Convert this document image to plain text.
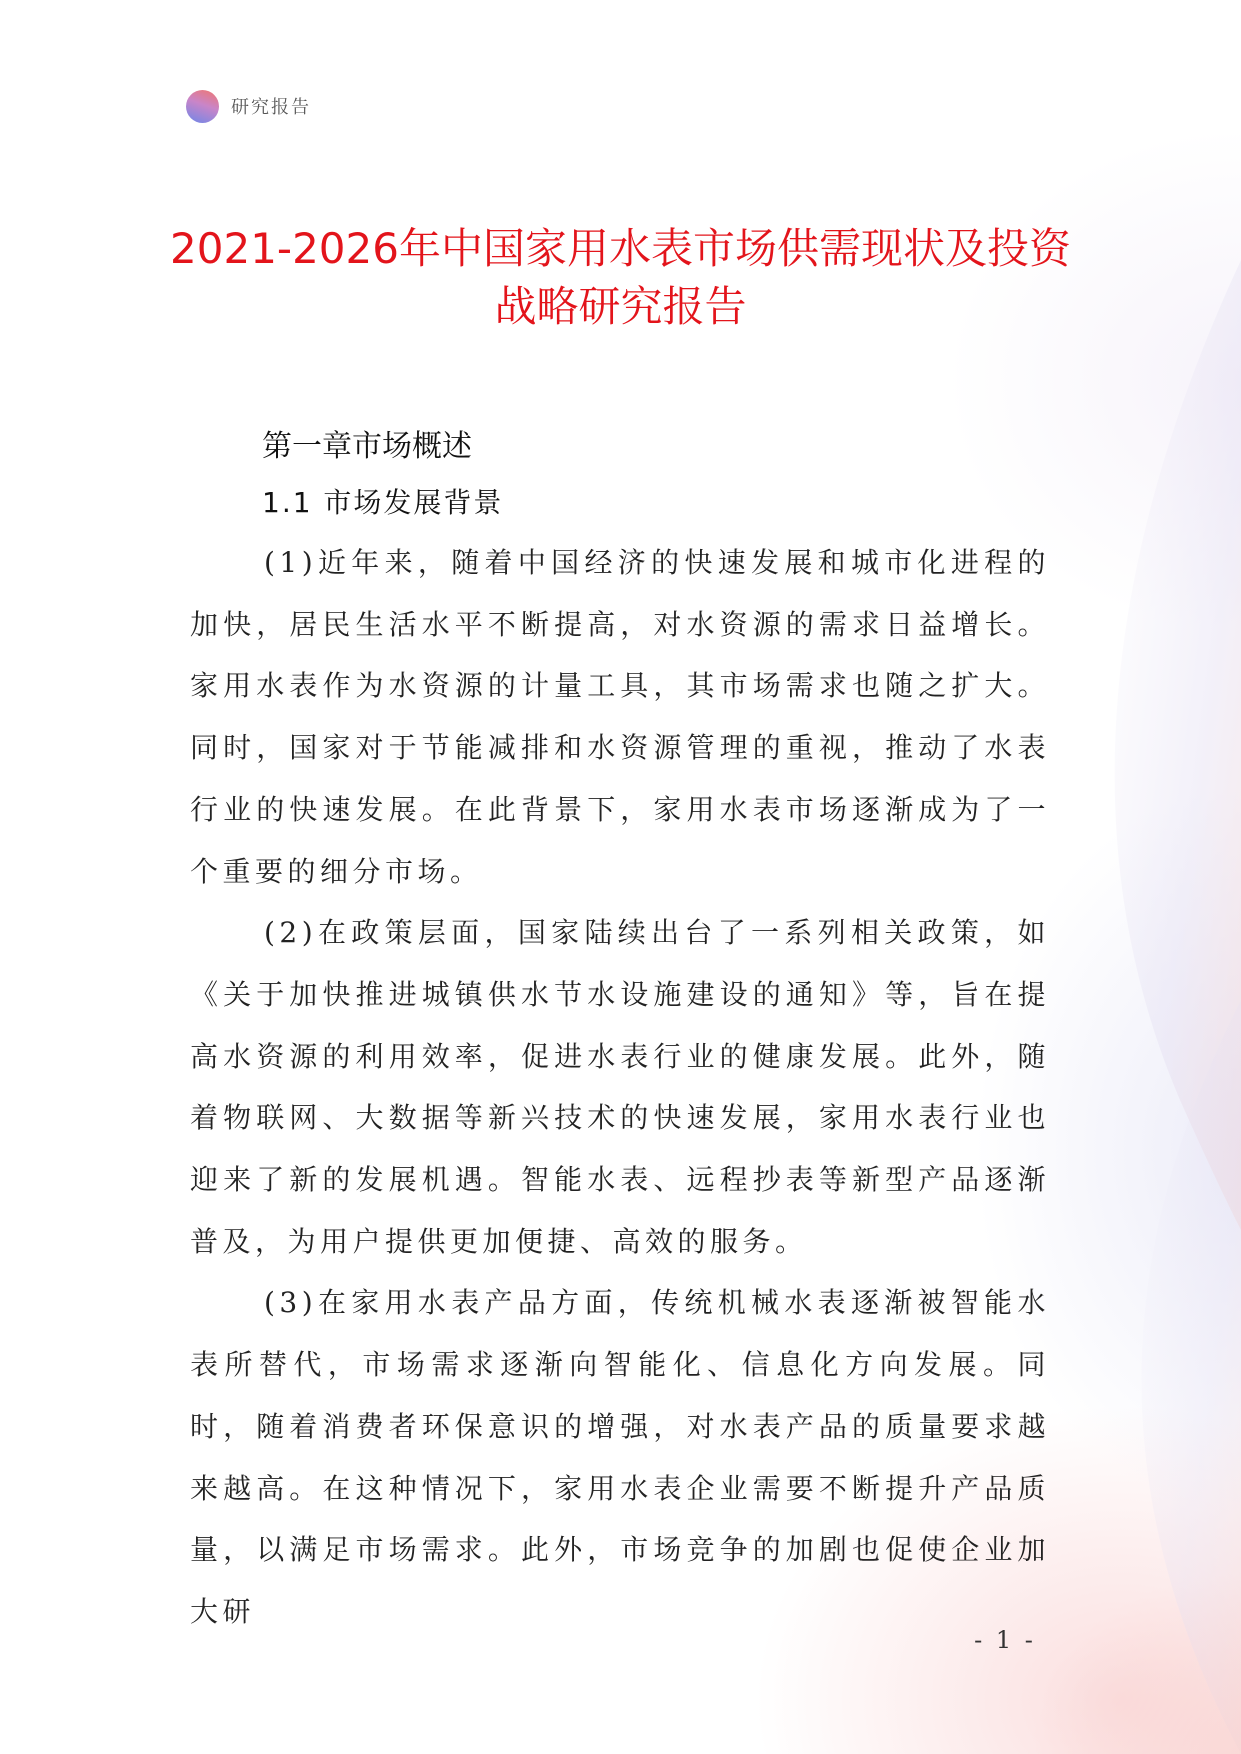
研究报告
2021-2026年中国家用水表市场供需现状及投资战略研究报告
第一章市场概述
1.1 市场发展背景

(1)近年来，随着中国经济的快速发展和城市化进程的加快，居民生活水平不断提高，对水资源的需求日益增长。家用水表作为水资源的计量工具，其市场需求也随之扩大。同时，国家对于节能减排和水资源管理的重视，推动了水表行业的快速发展。在此背景下，家用水表市场逐渐成为了一个重要的细分市场。

(2)在政策层面，国家陆续出台了一系列相关政策，如《关于加快推进城镇供水节水设施建设的通知》等，旨在提高水资源的利用效率，促进水表行业的健康发展。此外，随着物联网、大数据等新兴技术的快速发展，家用水表行业也迎来了新的发展机遇。智能水表、远程抄表等新型产品逐渐普及，为用户提供更加便捷、高效的服务。

(3)在家用水表产品方面，传统机械水表逐渐被智能水表所替代，市场需求逐渐向智能化、信息化方向发展。同时，随着消费者环保意识的增强，对水表产品的质量要求越来越高。在这种情况下，家用水表企业需要不断提升产品质量，以满足市场需求。此外，市场竞争的加剧也促使企业加大研

- 1 -
